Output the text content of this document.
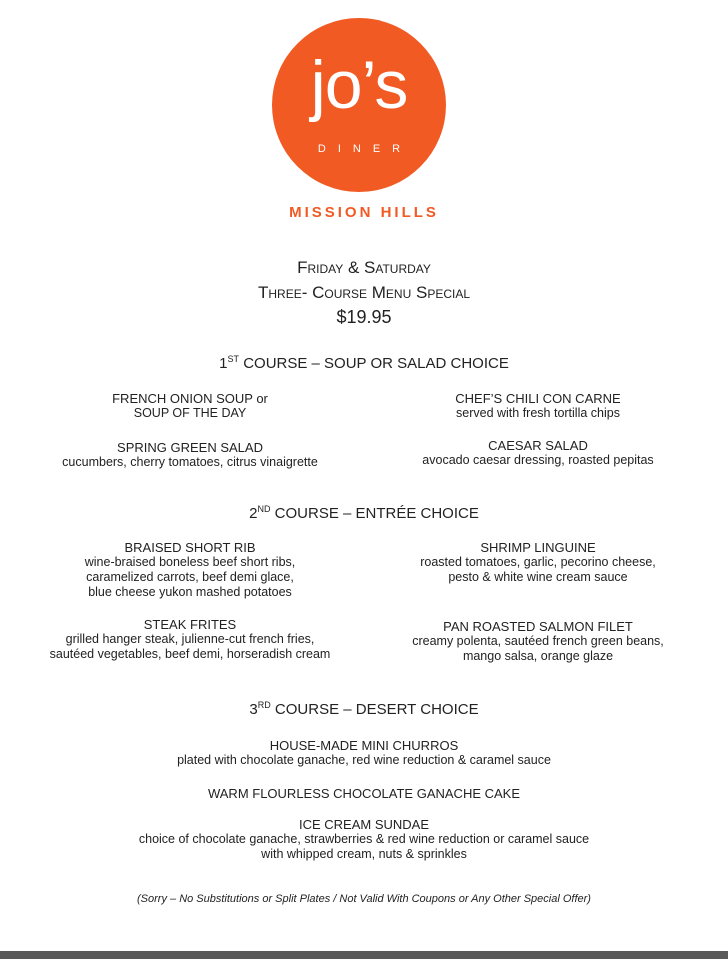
jo’s
DINER
MISSION HILLS
Friday & Saturday
Three- Course Menu Special
$19.95
1ST COURSE – SOUP OR SALAD CHOICE
FRENCH ONION SOUP or
SOUP OF THE DAY
CHEF’S CHILI CON CARNE
served with fresh tortilla chips
SPRING GREEN SALAD
cucumbers, cherry tomatoes, citrus vinaigrette
CAESAR SALAD
avocado caesar dressing, roasted pepitas
2ND COURSE – ENTRÉE CHOICE
BRAISED SHORT RIB
wine-braised boneless beef short ribs,
caramelized carrots, beef demi glace,
blue cheese yukon mashed potatoes
SHRIMP LINGUINE
roasted tomatoes, garlic, pecorino cheese,
pesto & white wine cream sauce
STEAK FRITES
grilled hanger steak, julienne-cut french fries,
sautéed vegetables, beef demi, horseradish cream
PAN ROASTED SALMON FILET
creamy polenta, sautéed french green beans,
mango salsa, orange glaze
3RD COURSE – DESERT CHOICE
HOUSE-MADE MINI CHURROS
plated with chocolate ganache, red wine reduction & caramel sauce
WARM FLOURLESS CHOCOLATE GANACHE CAKE
ICE CREAM SUNDAE
choice of chocolate ganache, strawberries & red wine reduction or caramel sauce
with whipped cream, nuts & sprinkles
(Sorry – No Substitutions or Split Plates / Not Valid With Coupons or Any Other Special Offer)
